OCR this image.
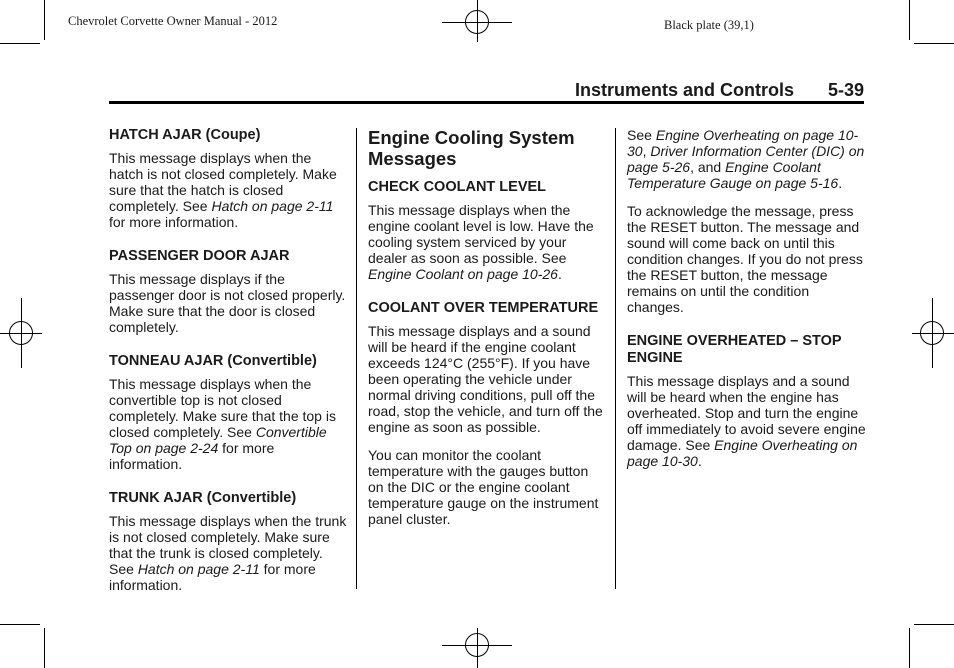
Chevrolet Corvette Owner Manual - 2012	Black plate (39,1)
Instruments and Controls 5-39
HATCH AJAR (Coupe)

This message displays when the hatch is not closed completely. Make sure that the hatch is closed completely. See Hatch on page 2-11 for more information.

PASSENGER DOOR AJAR

This message displays if the passenger door is not closed properly. Make sure that the door is closed completely.

TONNEAU AJAR (Convertible)

This message displays when the convertible top is not closed completely. Make sure that the top is closed completely. See Convertible Top on page 2-24 for more information.

TRUNK AJAR (Convertible)

This message displays when the trunk is not closed completely. Make sure that the trunk is closed completely. See Hatch on page 2-11 for more information.

Engine Cooling System Messages
CHECK COOLANT LEVEL

This message displays when the engine coolant level is low. Have the cooling system serviced by your dealer as soon as possible. See Engine Coolant on page 10-26.

COOLANT OVER TEMPERATURE

This message displays and a sound will be heard if the engine coolant exceeds 124°C (255°F). If you have been operating the vehicle under normal driving conditions, pull off the road, stop the vehicle, and turn off the engine as soon as possible.

You can monitor the coolant temperature with the gauges button on the DIC or the engine coolant temperature gauge on the instrument panel cluster.

See Engine Overheating on page 10-30, Driver Information Center (DIC) on page 5-26, and Engine Coolant Temperature Gauge on page 5-16.

To acknowledge the message, press the RESET button. The message and sound will come back on until this condition changes. If you do not press the RESET button, the message remains on until the condition changes.

ENGINE OVERHEATED – STOP ENGINE

This message displays and a sound will be heard when the engine has overheated. Stop and turn the engine off immediately to avoid severe engine damage. See Engine Overheating on page 10-30.
